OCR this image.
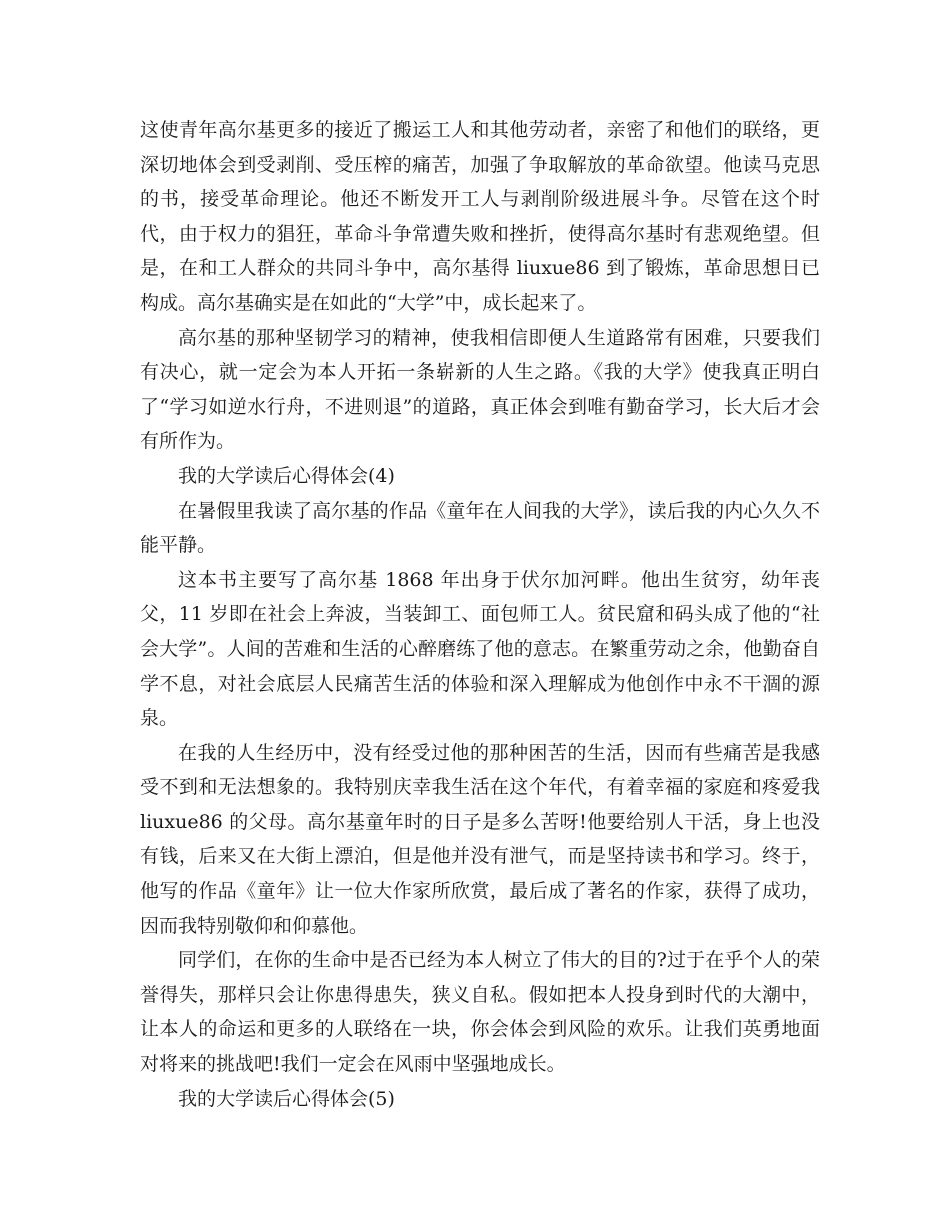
这使青年高尔基更多的接近了搬运工人和其他劳动者，亲密了和他们的联络，更深切地体会到受剥削、受压榨的痛苦，加强了争取解放的革命欲望。他读马克思的书，接受革命理论。他还不断发开工人与剥削阶级进展斗争。尽管在这个时代，由于权力的猖狂，革命斗争常遭失败和挫折，使得高尔基时有悲观绝望。但是，在和工人群众的共同斗争中，高尔基得 liuxue86 到了锻炼，革命思想日已构成。高尔基确实是在如此的“大学”中，成长起来了。

高尔基的那种坚韧学习的精神，使我相信即便人生道路常有困难，只要我们有决心，就一定会为本人开拓一条崭新的人生之路。《我的大学》使我真正明白了“学习如逆水行舟，不进则退”的道路，真正体会到唯有勤奋学习，长大后才会有所作为。

我的大学读后心得体会(4)

在暑假里我读了高尔基的作品《童年在人间我的大学》，读后我的内心久久不能平静。

这本书主要写了高尔基 1868 年出身于伏尔加河畔。他出生贫穷，幼年丧父，11 岁即在社会上奔波，当装卸工、面包师工人。贫民窟和码头成了他的“社会大学”。人间的苦难和生活的心醉磨练了他的意志。在繁重劳动之余，他勤奋自学不息，对社会底层人民痛苦生活的体验和深入理解成为他创作中永不干涸的源泉。

在我的人生经历中，没有经受过他的那种困苦的生活，因而有些痛苦是我感受不到和无法想象的。我特别庆幸我生活在这个年代，有着幸福的家庭和疼爱我 liuxue86 的父母。高尔基童年时的日子是多么苦呀!他要给别人干活，身上也没有钱，后来又在大街上漂泊，但是他并没有泄气，而是坚持读书和学习。终于，他写的作品《童年》让一位大作家所欣赏，最后成了著名的作家，获得了成功，因而我特别敬仰和仰慕他。

同学们，在你的生命中是否已经为本人树立了伟大的目的?过于在乎个人的荣誉得失，那样只会让你患得患失，狭义自私。假如把本人投身到时代的大潮中，让本人的命运和更多的人联络在一块，你会体会到风险的欢乐。让我们英勇地面对将来的挑战吧!我们一定会在风雨中坚强地成长。

我的大学读后心得体会(5)
